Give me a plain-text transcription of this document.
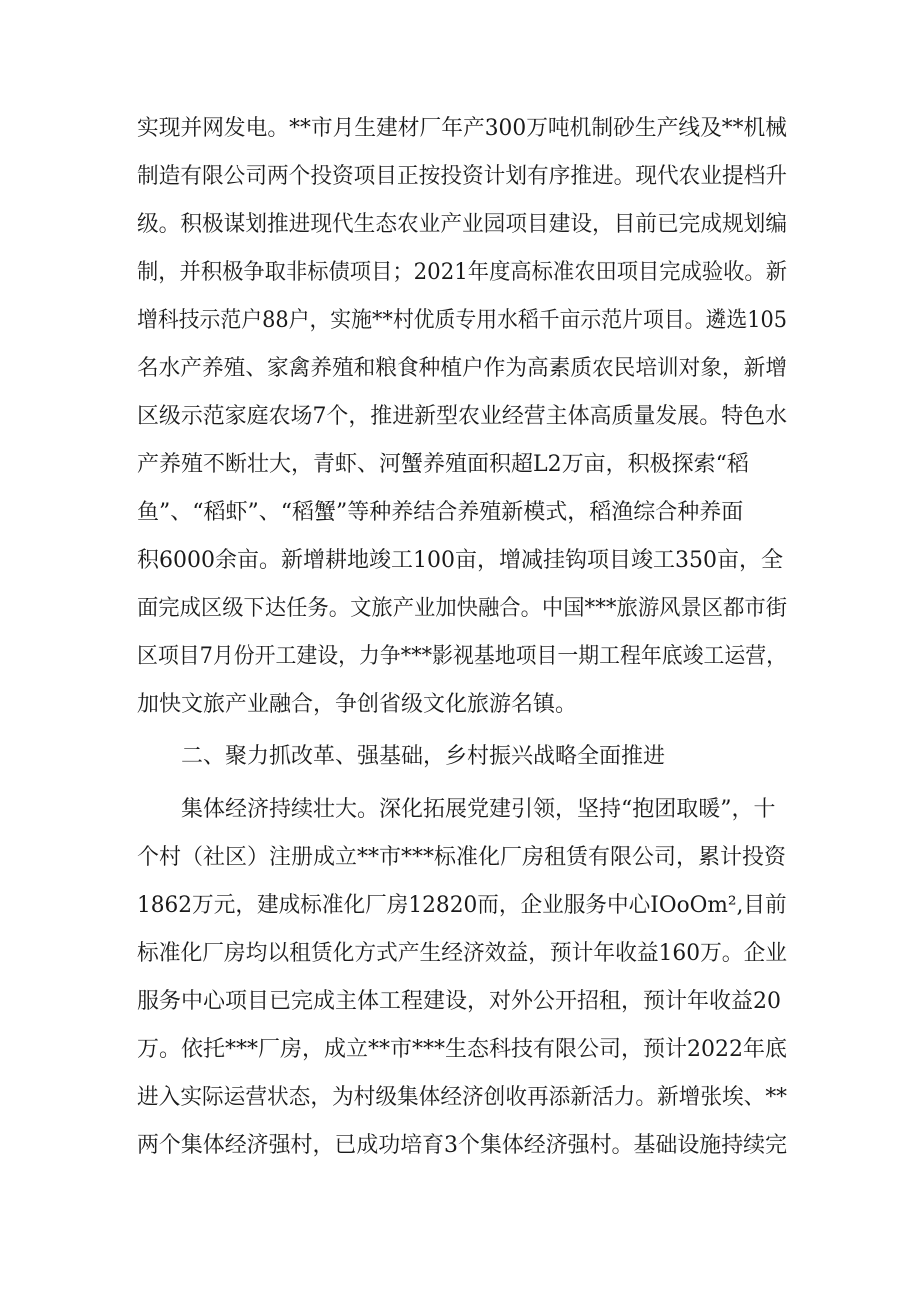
实现并网发电。**市月生建材厂年产300万吨机制砂生产线及**机械
制造有限公司两个投资项目正按投资计划有序推进。现代农业提档升
级。积极谋划推进现代生态农业产业园项目建设，目前已完成规划编
制，并积极争取非标债项目；2021年度高标准农田项目完成验收。新
增科技示范户88户，实施**村优质专用水稻千亩示范片项目。遴选105
名水产养殖、家禽养殖和粮食种植户作为高素质农民培训对象，新增
区级示范家庭农场7个，推进新型农业经营主体高质量发展。特色水
产养殖不断壮大，青虾、河蟹养殖面积超L2万亩，积极探索“稻
鱼”、“稻虾”、“稻蟹”等种养结合养殖新模式，稻渔综合种养面
积6000余亩。新增耕地竣工100亩，增减挂钩项目竣工350亩，全
面完成区级下达任务。文旅产业加快融合。中国***旅游风景区都市街
区项目7月份开工建设，力争***影视基地项目一期工程年底竣工运营，
加快文旅产业融合，争创省级文化旅游名镇。
二、聚力抓改革、强基础，乡村振兴战略全面推进
集体经济持续壮大。深化拓展党建引领，坚持“抱团取暖”，十
个村（社区）注册成立**市***标准化厂房租赁有限公司，累计投资
1862万元，建成标准化厂房12820而，企业服务中心IOoOm²,目前
标准化厂房均以租赁化方式产生经济效益，预计年收益160万。企业
服务中心项目已完成主体工程建设，对外公开招租，预计年收益20
万。依托***厂房，成立**市***生态科技有限公司，预计2022年底
进入实际运营状态，为村级集体经济创收再添新活力。新增张埃、**
两个集体经济强村，已成功培育3个集体经济强村。基础设施持续完
